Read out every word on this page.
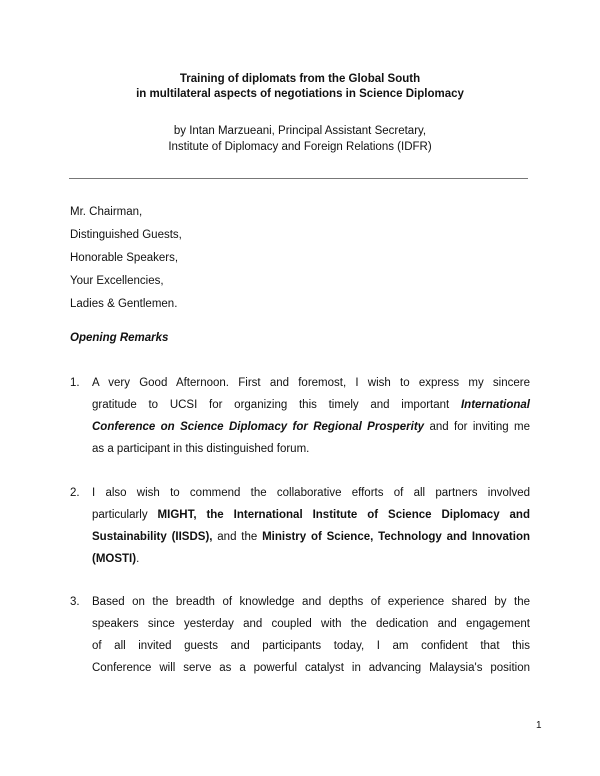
Training of diplomats from the Global South
in multilateral aspects of negotiations in Science Diplomacy
by Intan Marzueani, Principal Assistant Secretary,
Institute of Diplomacy and Foreign Relations (IDFR)
Mr. Chairman,
Distinguished Guests,
Honorable Speakers,
Your Excellencies,
Ladies & Gentlemen.
Opening Remarks
1.	A very Good Afternoon. First and foremost, I wish to express my sincere
gratitude to UCSI for organizing this timely and important International
Conference on Science Diplomacy for Regional Prosperity and for inviting me
as a participant in this distinguished forum.
2.	I also wish to commend the collaborative efforts of all partners involved
particularly MIGHT, the International Institute of Science Diplomacy and
Sustainability (IISDS), and the Ministry of Science, Technology and Innovation
(MOSTI).
3.	Based on the breadth of knowledge and depths of experience shared by the
speakers since yesterday and coupled with the dedication and engagement
of all invited guests and participants today, I am confident that this
Conference will serve as a powerful catalyst in advancing Malaysia's position
1
